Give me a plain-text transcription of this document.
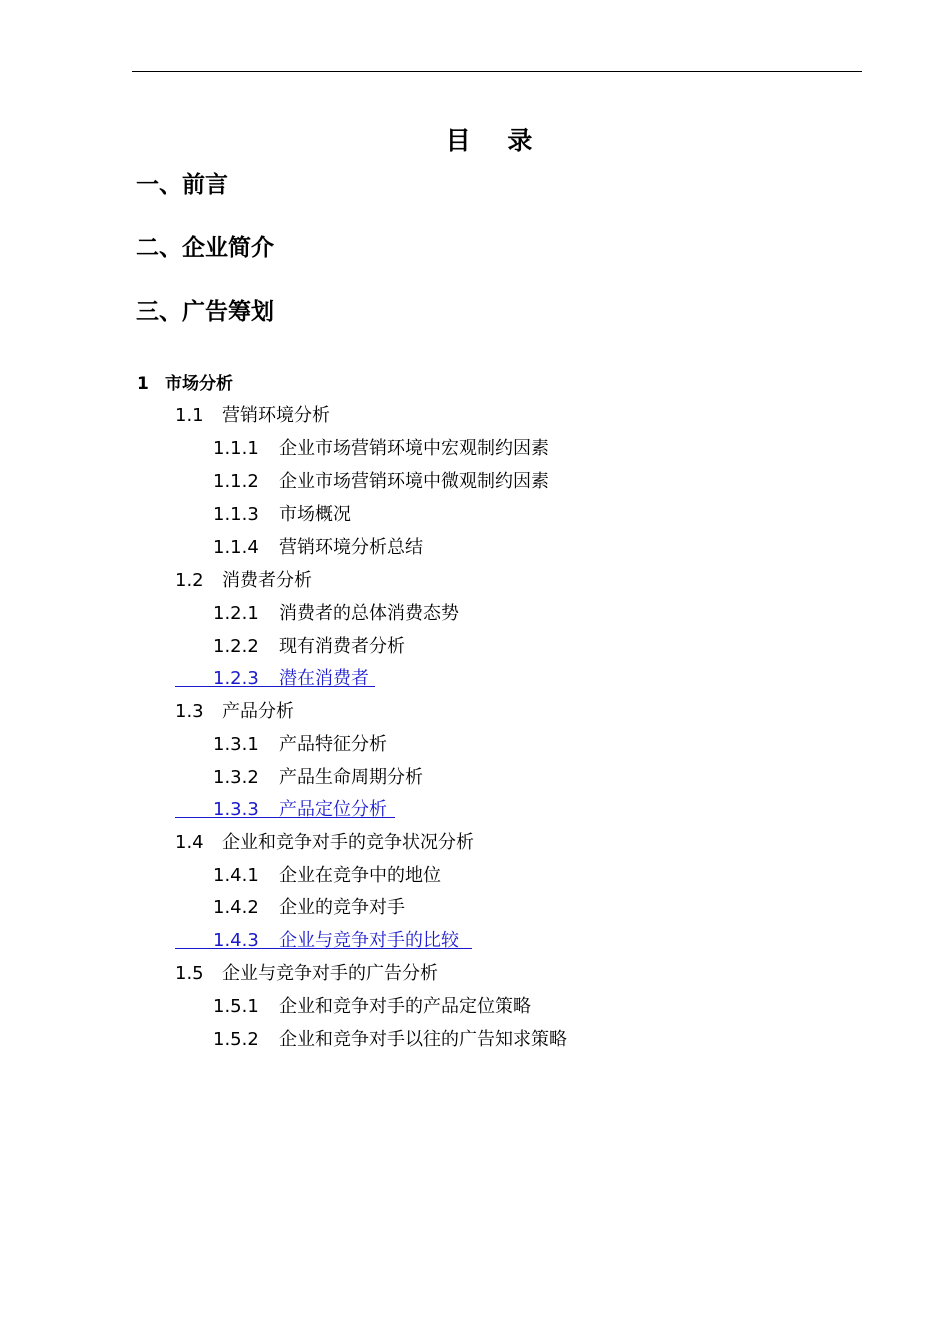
目 录
一、前言
二、企业简介
三、广告筹划
1 市场分析
1.1 营销环境分析
1.1.1 企业市场营销环境中宏观制约因素
1.1.2 企业市场营销环境中微观制约因素
1.1.3 市场概况
1.1.4 营销环境分析总结
1.2 消费者分析
1.2.1 消费者的总体消费态势
1.2.2 现有消费者分析
1.2.3 潜在消费者
1.3 产品分析
1.3.1 产品特征分析
1.3.2 产品生命周期分析
1.3.3 产品定位分析
1.4 企业和竞争对手的竞争状况分析
1.4.1 企业在竞争中的地位
1.4.2 企业的竞争对手
1.4.3 企业与竞争对手的比较
1.5 企业与竞争对手的广告分析
1.5.1 企业和竞争对手的产品定位策略
1.5.2 企业和竞争对手以往的广告知求策略
